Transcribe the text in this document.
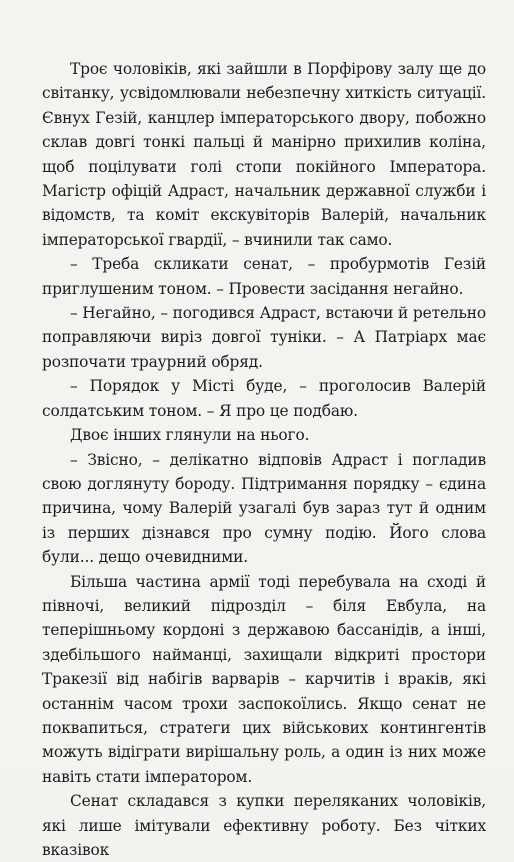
Троє чоловіків, які зайшли в Порфірову залу ще до світанку, усвідомлювали небезпечну хиткість ситуації. Євнух Гезій, канцлер імператорського двору, побожно склав довгі тонкі пальці й манірно прихилив коліна, щоб поцілувати голі стопи покійного Імператора. Магістр офіцій Адраст, начальник державної служби і відомств, та коміт екскувіторів Валерій, начальник імператорської гвардії, – вчинили так само.

– Треба скликати сенат, – пробурмотів Гезій приглушеним тоном. – Провести засідання негайно.

– Негайно, – погодився Адраст, встаючи й ретельно поправляючи виріз довгої туніки. – А Патріарх має розпочати траурний обряд.

– Порядок у Місті буде, – проголосив Валерій солдатським тоном. – Я про це подбаю.

Двоє інших глянули на нього.

– Звісно, – делікатно відповів Адраст і погладив свою доглянуту бороду. Підтримання порядку – єдина причина, чому Валерій узагалі був зараз тут й одним із перших дізнався про сумну подію. Його слова були... дещо очевидними.

Більша частина армії тоді перебувала на сході й півночі, великий підрозділ – біля Евбула, на теперішньому кордоні з державою бассанідів, а інші, здебільшого найманці, захищали відкриті простори Тракезії від набігів варварів – карчитів і враків, які останнім часом трохи заспокоїлись. Якщо сенат не поквапиться, стратеги цих військових контингентів можуть відіграти вирішальну роль, а один із них може навіть стати імператором.

Сенат складався з купки переляканих чоловіків, які лише імітували ефективну роботу. Без чітких вказівок
